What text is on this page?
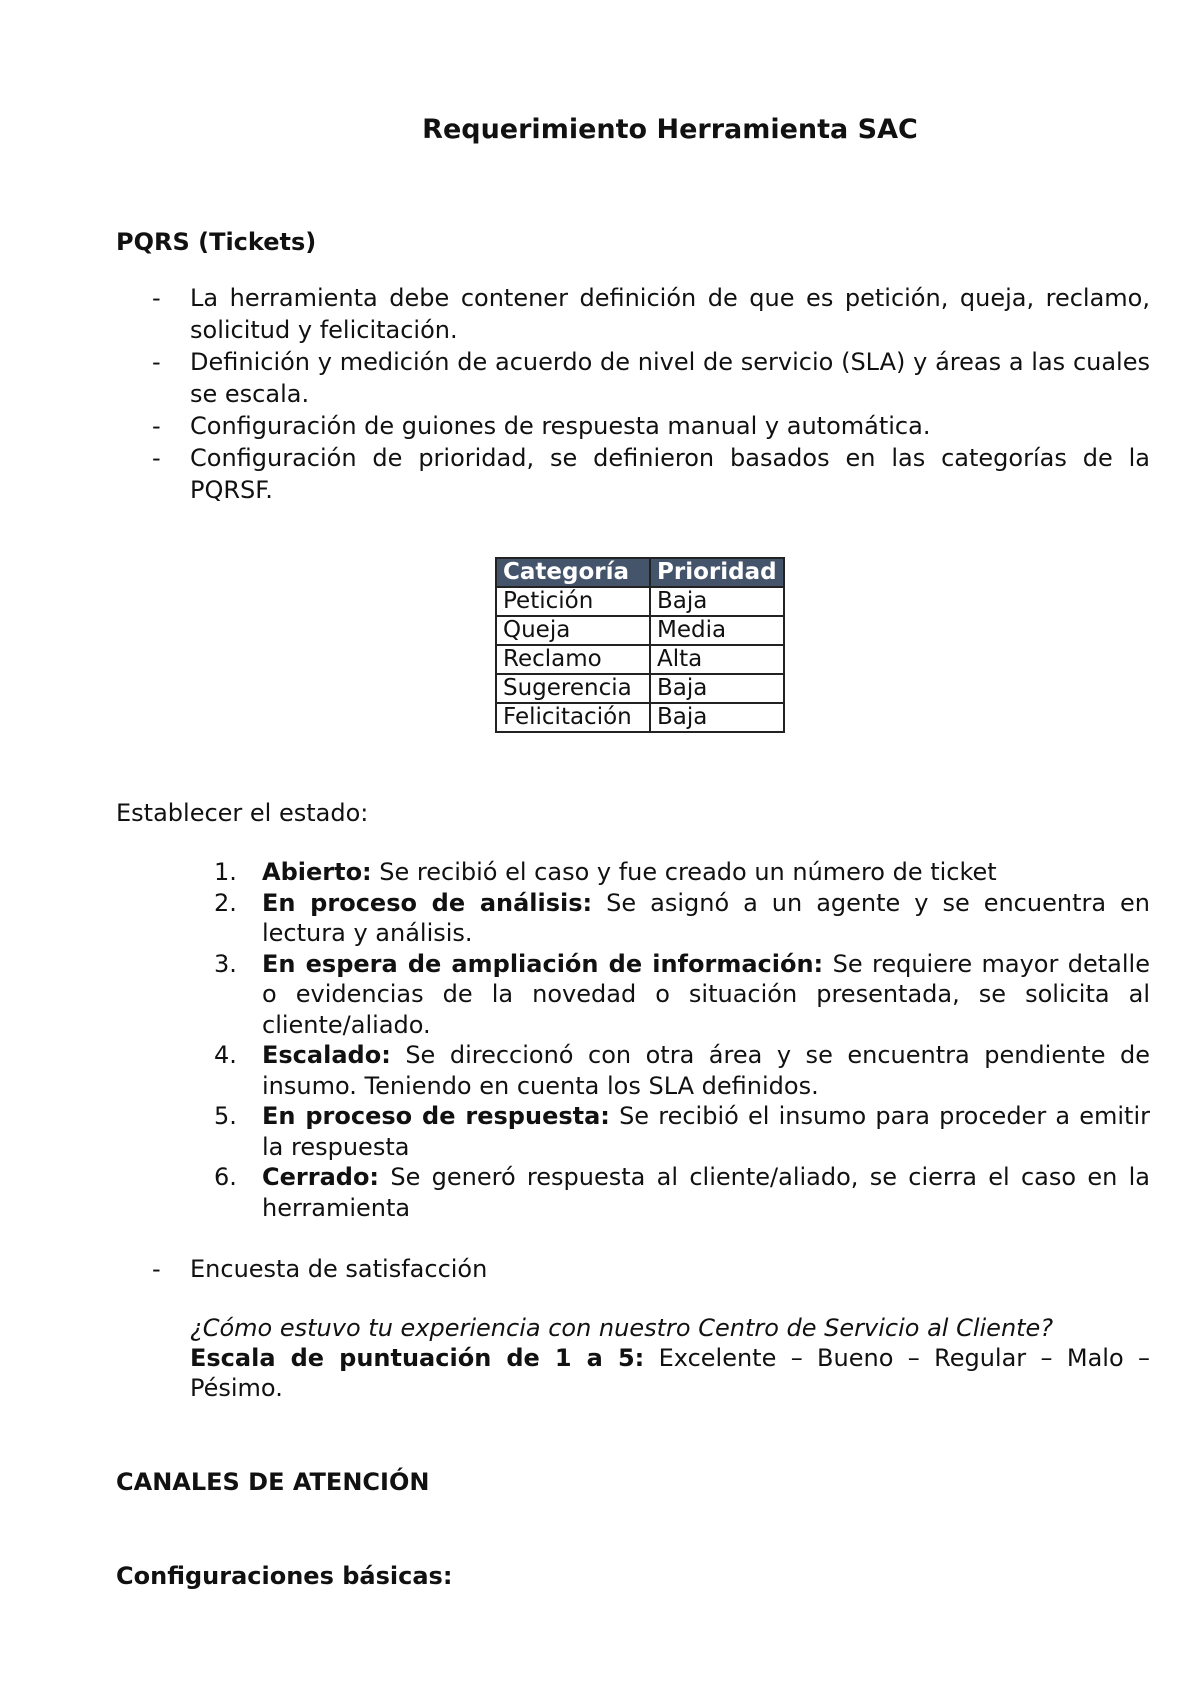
Requerimiento Herramienta SAC
PQRS (Tickets)
- La herramienta debe contener definición de que es petición, queja, reclamo, solicitud y felicitación.
- Definición y medición de acuerdo de nivel de servicio (SLA) y áreas a las cuales se escala.
- Configuración de guiones de respuesta manual y automática.
- Configuración de prioridad, se definieron basados en las categorías de la PQRSF.
Categoría	Prioridad
Petición	Baja
Queja	Media
Reclamo	Alta
Sugerencia	Baja
Felicitación	Baja
Establecer el estado:
1. Abierto: Se recibió el caso y fue creado un número de ticket
2. En proceso de análisis: Se asignó a un agente y se encuentra en lectura y análisis.
3. En espera de ampliación de información: Se requiere mayor detalle o evidencias de la novedad o situación presentada, se solicita al cliente/aliado.
4. Escalado: Se direccionó con otra área y se encuentra pendiente de insumo. Teniendo en cuenta los SLA definidos.
5. En proceso de respuesta: Se recibió el insumo para proceder a emitir la respuesta
6. Cerrado: Se generó respuesta al cliente/aliado, se cierra el caso en la herramienta
- Encuesta de satisfacción
¿Cómo estuvo tu experiencia con nuestro Centro de Servicio al Cliente?
Escala de puntuación de 1 a 5: Excelente – Bueno – Regular – Malo – Pésimo.
CANALES DE ATENCIÓN
Configuraciones básicas:
